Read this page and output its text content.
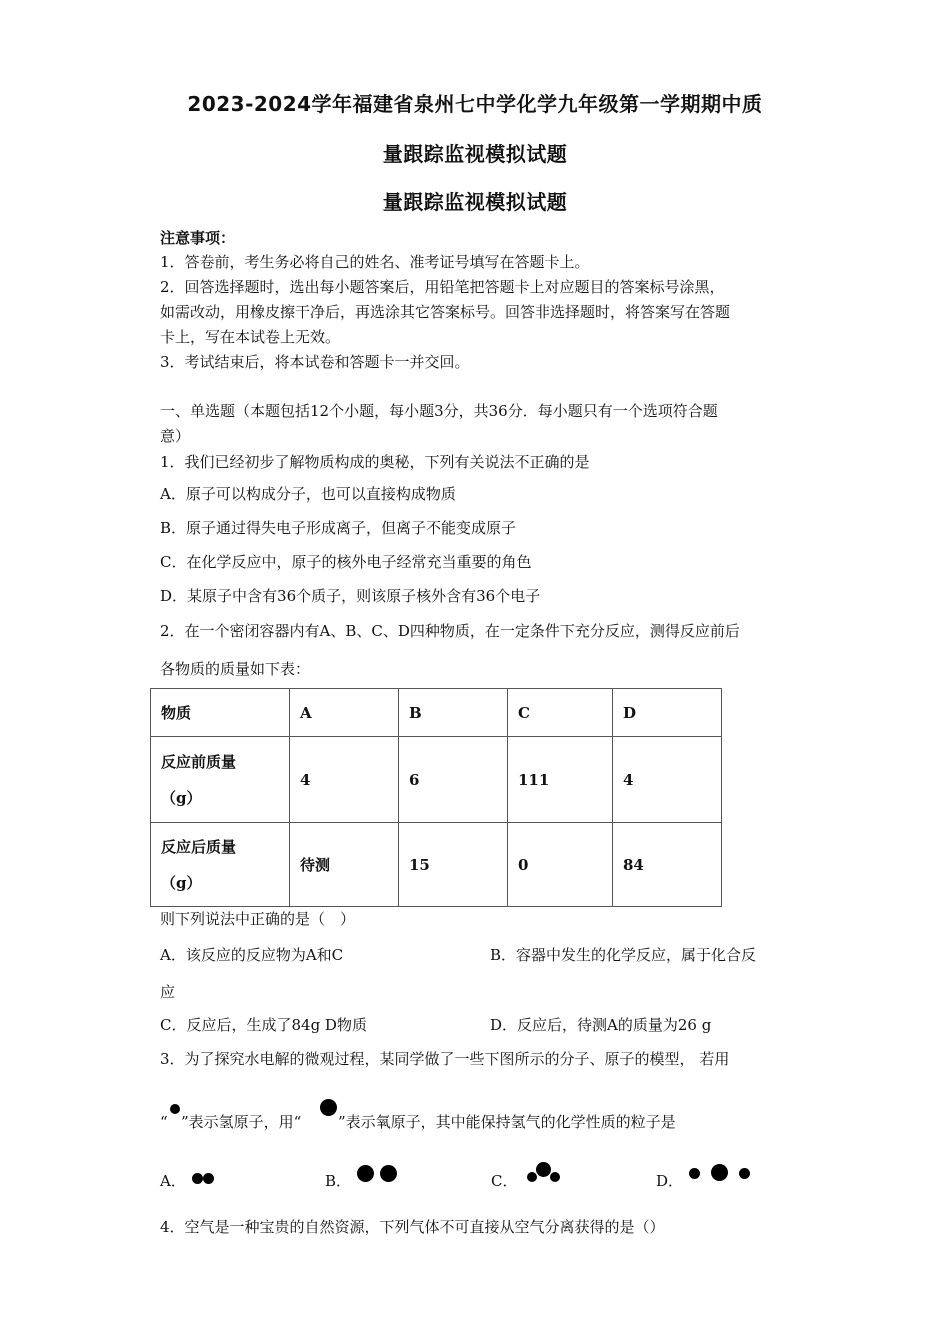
2023-2024学年福建省泉州七中学化学九年级第一学期期中质
量跟踪监视模拟试题
量跟踪监视模拟试题
注意事项：
1．答卷前，考生务必将自己的姓名、准考证号填写在答题卡上。
2．回答选择题时，选出每小题答案后，用铅笔把答题卡上对应题目的答案标号涂黑，
如需改动，用橡皮擦干净后，再选涂其它答案标号。回答非选择题时，将答案写在答题
卡上，写在本试卷上无效。
3．考试结束后，将本试卷和答题卡一并交回。
一、单选题（本题包括12个小题，每小题3分，共36分．每小题只有一个选项符合题
意）
1．我们已经初步了解物质构成的奥秘，下列有关说法不正确的是
A．原子可以构成分子，也可以直接构成物质
B．原子通过得失电子形成离子，但离子不能变成原子
C．在化学反应中，原子的核外电子经常充当重要的角色
D．某原子中含有36个质子，则该原子核外含有36个电子
2．在一个密闭容器内有A、B、C、D四种物质，在一定条件下充分反应，测得反应前后
各物质的质量如下表：
物质	A	B	C	D

反应前质量
（g）	4	6	111	4

反应后质量
（g）	待测	15	0	84
则下列说法中正确的是（　）
A．该反应的反应物为A和C	B．容器中发生的化学反应，属于化合反
应
C．反应后，生成了84g D物质	D．反应后，待测A的质量为26 g
3．为了探究水电解的微观过程，某同学做了一些下图所示的分子、原子的模型， 若用
“ ”表示氢原子，用“ ”表示氧原子，其中能保持氢气的化学性质的粒子是
A．	B．	C．	D．
4．空气是一种宝贵的自然资源，下列气体不可直接从空气分离获得的是（）
